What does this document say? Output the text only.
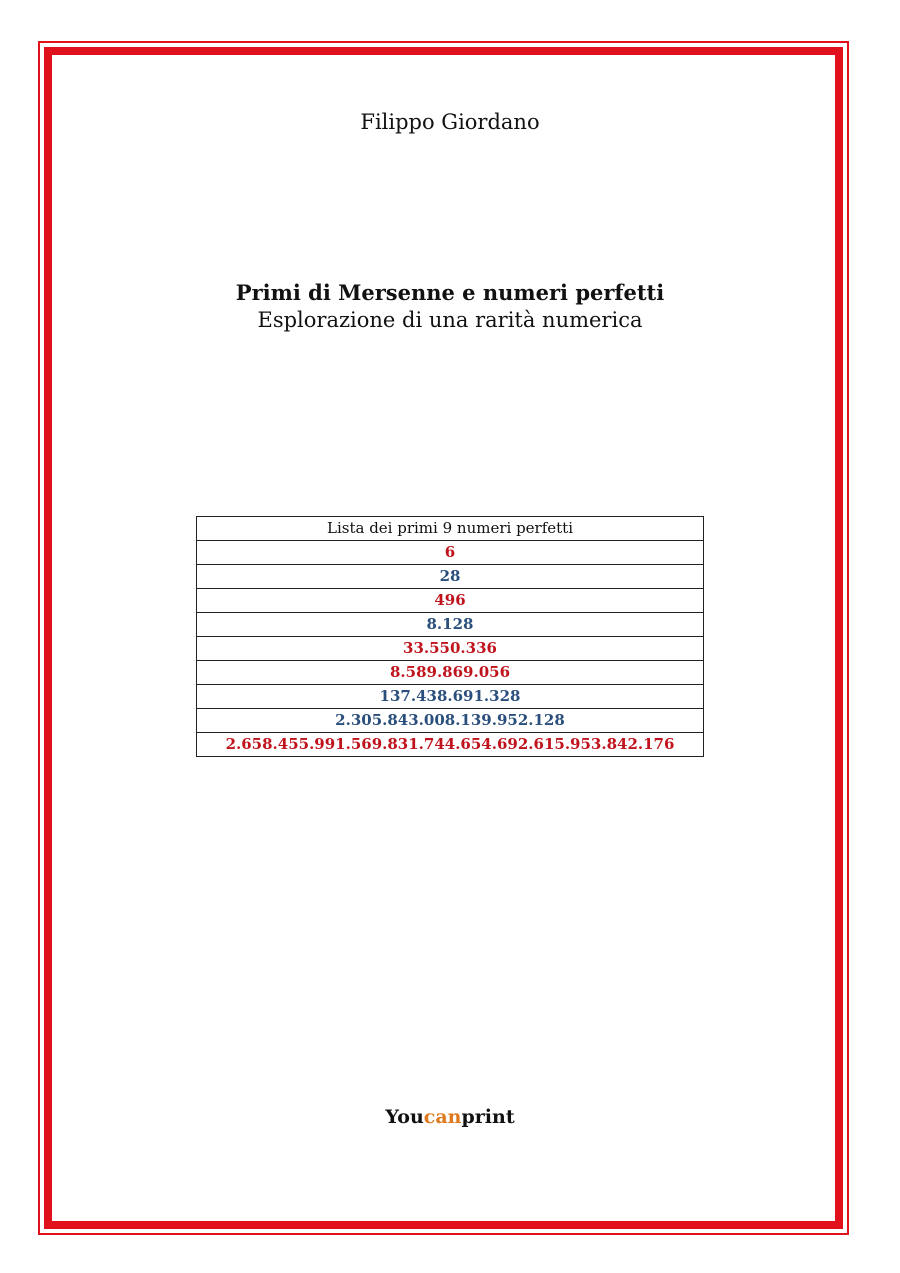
Filippo Giordano
Primi di Mersenne e numeri perfetti
Esplorazione di una rarità numerica
Lista dei primi 9 numeri perfetti
6
28
496
8.128
33.550.336
8.589.869.056
137.438.691.328
2.305.843.008.139.952.128
2.658.455.991.569.831.744.654.692.615.953.842.176
Youcanprint
